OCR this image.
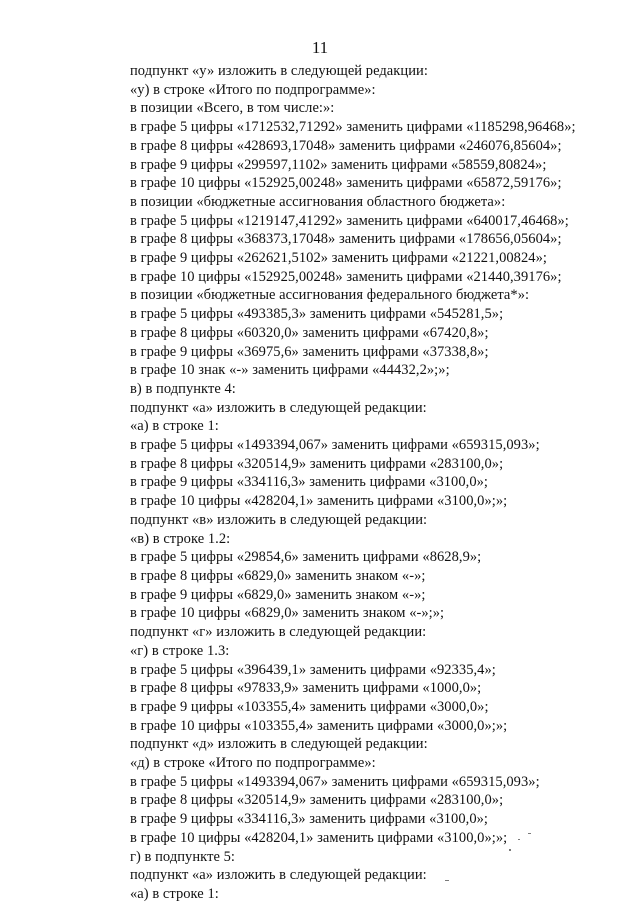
11
подпункт «у» изложить в следующей редакции:
«у) в строке «Итого по подпрограмме»:
в позиции «Всего, в том числе:»:
в графе 5 цифры «1712532,71292» заменить цифрами «1185298,96468»;
в графе 8 цифры «428693,17048» заменить цифрами «246076,85604»;
в графе 9 цифры «299597,1102» заменить цифрами «58559,80824»;
в графе 10 цифры «152925,00248» заменить цифрами «65872,59176»;
в позиции «бюджетные ассигнования областного бюджета»:
в графе 5 цифры «1219147,41292» заменить цифрами «640017,46468»;
в графе 8 цифры «368373,17048» заменить цифрами «178656,05604»;
в графе 9 цифры «262621,5102» заменить цифрами «21221,00824»;
в графе 10 цифры «152925,00248» заменить цифрами «21440,39176»;
в позиции «бюджетные ассигнования федерального бюджета*»:
в графе 5 цифры «493385,3» заменить цифрами «545281,5»;
в графе 8 цифры «60320,0» заменить цифрами «67420,8»;
в графе 9 цифры «36975,6» заменить цифрами «37338,8»;
в графе 10 знак «-» заменить цифрами «44432,2»;»;
в) в подпункте 4:
подпункт «а» изложить в следующей редакции:
«а) в строке 1:
в графе 5 цифры «1493394,067» заменить цифрами «659315,093»;
в графе 8 цифры «320514,9» заменить цифрами «283100,0»;
в графе 9 цифры «334116,3» заменить цифрами «3100,0»;
в графе 10 цифры «428204,1» заменить цифрами «3100,0»;»;
подпункт «в» изложить в следующей редакции:
«в) в строке 1.2:
в графе 5 цифры «29854,6» заменить цифрами «8628,9»;
в графе 8 цифры «6829,0» заменить знаком «-»;
в графе 9 цифры «6829,0» заменить знаком «-»;
в графе 10 цифры «6829,0» заменить знаком «-»;»;
подпункт «г» изложить в следующей редакции:
«г) в строке 1.3:
в графе 5 цифры «396439,1» заменить цифрами «92335,4»;
в графе 8 цифры «97833,9» заменить цифрами «1000,0»;
в графе 9 цифры «103355,4» заменить цифрами «3000,0»;
в графе 10 цифры «103355,4» заменить цифрами «3000,0»;»;
подпункт «д» изложить в следующей редакции:
«д) в строке «Итого по подпрограмме»:
в графе 5 цифры «1493394,067» заменить цифрами «659315,093»;
в графе 8 цифры «320514,9» заменить цифрами «283100,0»;
в графе 9 цифры «334116,3» заменить цифрами «3100,0»;
в графе 10 цифры «428204,1» заменить цифрами «3100,0»;»;
г) в подпункте 5:
подпункт «а» изложить в следующей редакции:
«а) в строке 1:
